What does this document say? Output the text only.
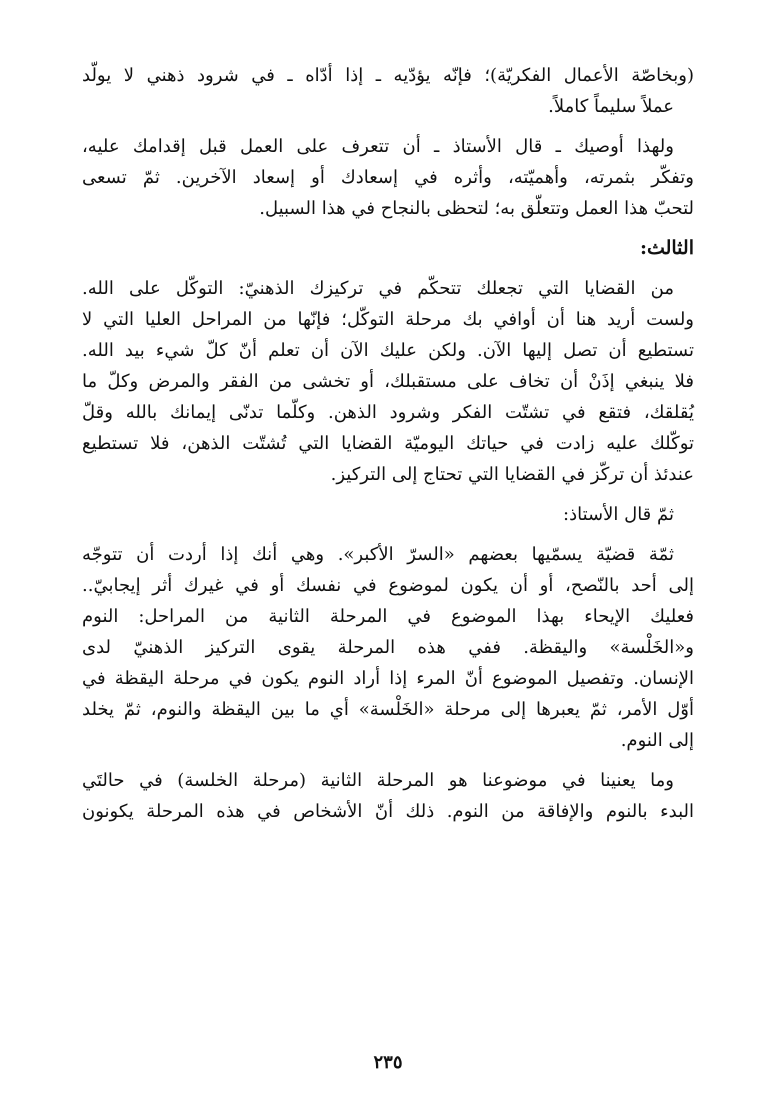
(وبخاصّة الأعمال الفكريّة)؛ فإنّه يؤدّيه ـ إذا أدّاه ـ في شرود ذهني لا يولّد
عملاً سليماً كاملاً.

ولهذا أوصيك ـ قال الأستاذ ـ أن تتعرف على العمل قبل إقدامك عليه،
وتفكّر بثمرته، وأهميّته، وأثره في إسعادك أو إسعاد الآخرين. ثمّ تسعى
لتحبّ هذا العمل وتتعلّق به؛ لتحظى بالنجاح في هذا السبيل.

الثالث:

من القضايا التي تجعلك تتحكّم في تركيزك الذهنيّ: التوكّل على الله.
ولست أريد هنا أن أوافي بك مرحلة التوكّل؛ فإنّها من المراحل العليا التي لا
تستطيع أن تصل إليها الآن. ولكن عليك الآن أن تعلم أنّ كلّ شيء بيد الله.
فلا ينبغي إذَنْ أن تخاف على مستقبلك، أو تخشى من الفقر والمرض وكلّ ما
يُقلقك، فتقع في تشتّت الفكر وشرود الذهن. وكلّما تدنّى إيمانك بالله وقلّ
توكّلك عليه زادت في حياتك اليوميّة القضايا التي تُشتّت الذهن، فلا تستطيع
عندئذ أن تركّز في القضايا التي تحتاج إلى التركيز.

ثمّ قال الأستاذ:

ثمّة قضيّة يسمّيها بعضهم «السرّ الأكبر». وهي أنك إذا أردت أن تتوجّه
إلى أحد بالنّصح، أو أن يكون لموضوع في نفسك أو في غيرك أثر إيجابيّ..
فعليك الإيحاء بهذا الموضوع في المرحلة الثانية من المراحل: النوم
و«الخَلْسة» واليقظة. ففي هذه المرحلة يقوى التركيز الذهنيّ لدى
الإنسان. وتفصيل الموضوع أنّ المرء إذا أراد النوم يكون في مرحلة اليقظة في
أوّل الأمر، ثمّ يعبرها إلى مرحلة «الخَلْسة» أي ما بين اليقظة والنوم، ثمّ يخلد
إلى النوم.

وما يعنينا في موضوعنا هو المرحلة الثانية (مرحلة الخلسة) في حالتَي
البدء بالنوم والإفاقة من النوم. ذلك أنّ الأشخاص في هذه المرحلة يكونون

٢٣٥
